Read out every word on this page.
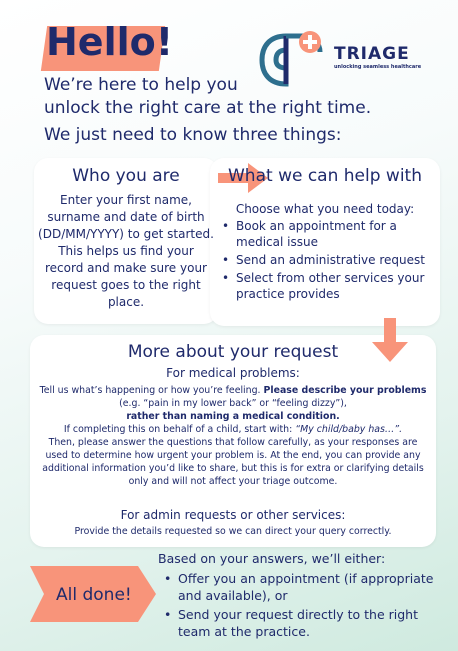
Hello!	TRIAGE
unlocking seamless healthcare

We’re here to help you
unlock the right care at the right time.

We just need to know three things:

Who you are
Enter your first name, surname and date of birth (DD/MM/YYYY) to get started. This helps us find your record and make sure your request goes to the right place.
What we can help with
Choose what you need today:
• Book an appointment for a medical issue
• Send an administrative request
• Select from other services your practice provides
More about your request
For medical problems:
Tell us what’s happening or how you’re feeling. Please describe your problems (e.g. “pain in my lower back” or “feeling dizzy”),
rather than naming a medical condition.
If completing this on behalf of a child, start with: “My child/baby has…”.
Then, please answer the questions that follow carefully, as your responses are used to determine how urgent your problem is. At the end, you can provide any additional information you’d like to share, but this is for extra or clarifying details only and will not affect your triage outcome.
For admin requests or other services:
Provide the details requested so we can direct your query correctly.
All done!
Based on your answers, we’ll either:
• Offer you an appointment (if appropriate and available), or
• Send your request directly to the right team at the practice.
